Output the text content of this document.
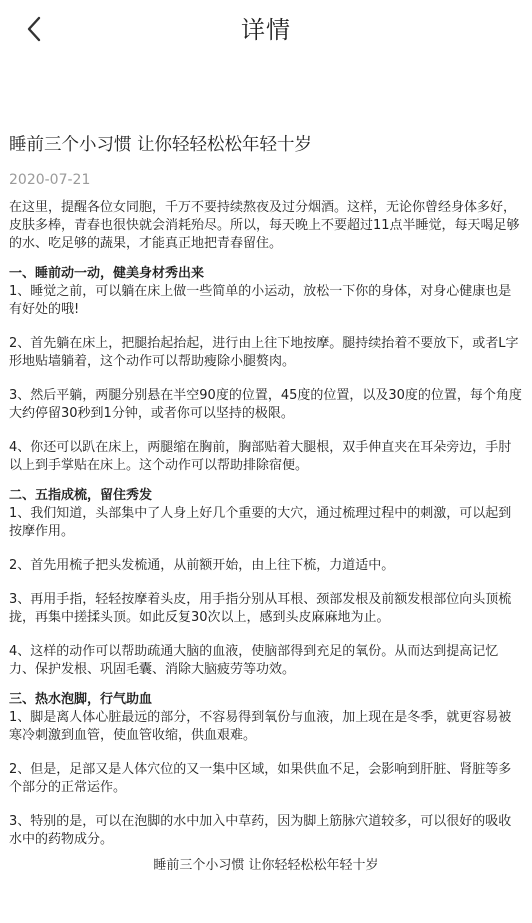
详情
睡前三个小习惯 让你轻轻松松年轻十岁
2020-07-21

在这里，提醒各位女同胞，千万不要持续熬夜及过分烟酒。这样，无论你曾经身体多好，皮肤多棒，青春也很快就会消耗殆尽。所以，每天晚上不要超过11点半睡觉，每天喝足够的水、吃足够的蔬果，才能真正地把青春留住。

一、睡前动一动，健美身材秀出来

1、睡觉之前，可以躺在床上做一些简单的小运动，放松一下你的身体，对身心健康也是有好处的哦!

2、首先躺在床上，把腿抬起抬起，进行由上往下地按摩。腿持续抬着不要放下，或者L字形地贴墙躺着，这个动作可以帮助瘦除小腿赘肉。

3、然后平躺，两腿分别悬在半空90度的位置，45度的位置，以及30度的位置，每个角度大约停留30秒到1分钟，或者你可以坚持的极限。

4、你还可以趴在床上，两腿缩在胸前，胸部贴着大腿根，双手伸直夹在耳朵旁边，手肘以上到手掌贴在床上。这个动作可以帮助排除宿便。

二、五指成梳，留住秀发

1、我们知道，头部集中了人身上好几个重要的大穴，通过梳理过程中的刺激，可以起到按摩作用。

2、首先用梳子把头发梳通，从前额开始，由上往下梳，力道适中。

3、再用手指，轻轻按摩着头皮，用手指分别从耳根、颈部发根及前额发根部位向头顶梳拢，再集中搓揉头顶。如此反复30次以上，感到头皮麻麻地为止。

4、这样的动作可以帮助疏通大脑的血液，使脑部得到充足的氧份。从而达到提高记忆力、保护发根、巩固毛囊、消除大脑疲劳等功效。

三、热水泡脚，行气助血

1、脚是离人体心脏最远的部分，不容易得到氧份与血液，加上现在是冬季，就更容易被寒冷刺激到血管，使血管收缩，供血艰难。

2、但是，足部又是人体穴位的又一集中区域，如果供血不足，会影响到肝脏、肾脏等多个部分的正常运作。

3、特别的是，可以在泡脚的水中加入中草药，因为脚上筋脉穴道较多，可以很好的吸收水中的药物成分。

睡前三个小习惯 让你轻轻松松年轻十岁
